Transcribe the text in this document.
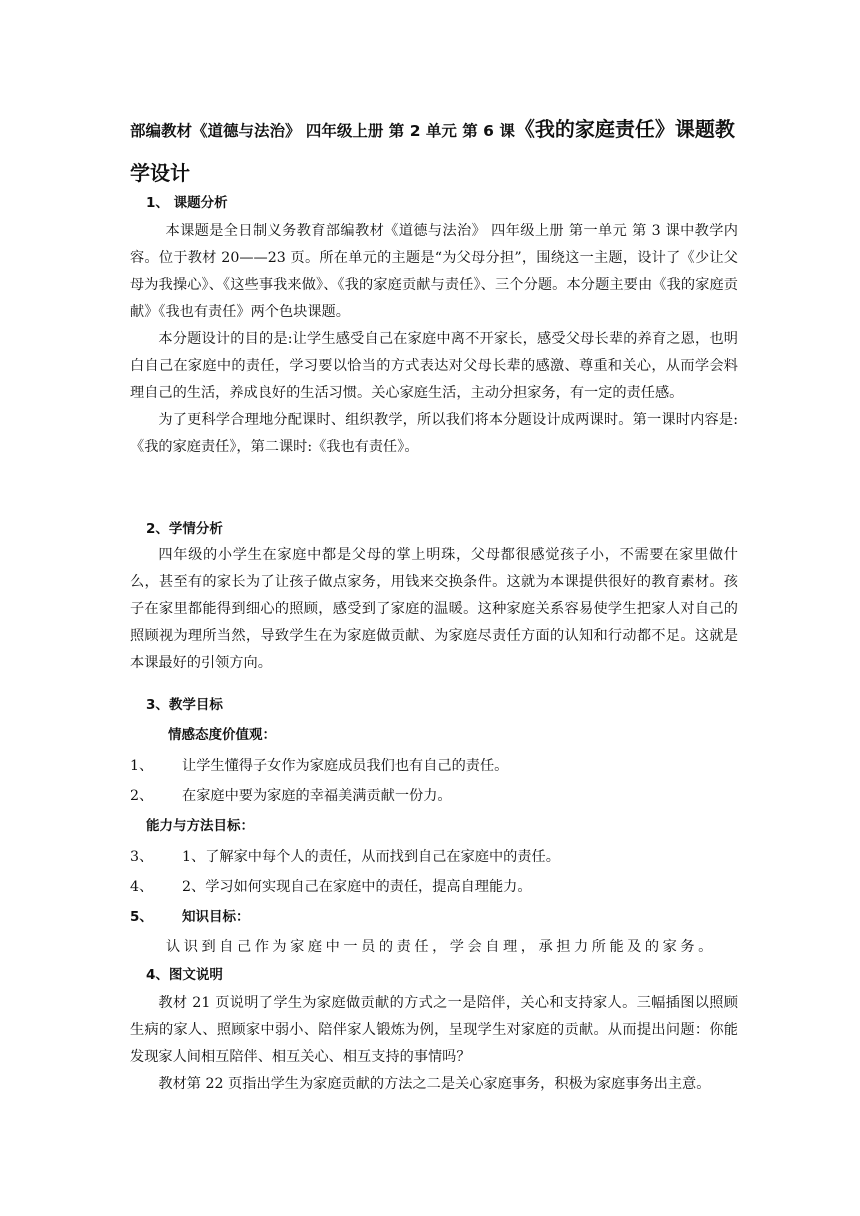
部编教材《道德与法治》 四年级上册 第 2 单元 第 6 课《我的家庭责任》课题教
学设计
1、 课题分析

本课题是全日制义务教育部编教材《道德与法治》 四年级上册 第一单元 第 3 课中教学内容。位于教材 20——23 页。所在单元的主题是“为父母分担”，围绕这一主题，设计了《少让父母为我操心》、《这些事我来做》、《我的家庭贡献与责任》、三个分题。本分题主要由《我的家庭贡献》《我也有责任》两个色块课题。

本分题设计的目的是:让学生感受自己在家庭中离不开家长，感受父母长辈的养育之恩，也明白自己在家庭中的责任，学习要以恰当的方式表达对父母长辈的感激、尊重和关心，从而学会料理自己的生活，养成良好的生活习惯。关心家庭生活，主动分担家务，有一定的责任感。

为了更科学合理地分配课时、组织教学，所以我们将本分题设计成两课时。第一课时内容是:《我的家庭责任》，第二课时:《我也有责任》。

2、学情分析

四年级的小学生在家庭中都是父母的掌上明珠，父母都很感觉孩子小，不需要在家里做什么，甚至有的家长为了让孩子做点家务，用钱来交换条件。这就为本课提供很好的教育素材。孩子在家里都能得到细心的照顾，感受到了家庭的温暖。这种家庭关系容易使学生把家人对自己的照顾视为理所当然，导致学生在为家庭做贡献、为家庭尽责任方面的认知和行动都不足。这就是本课最好的引领方向。

3、教学目标
情感态度价值观：
1、 让学生懂得子女作为家庭成员我们也有自己的责任。
2、 在家庭中要为家庭的幸福美满贡献一份力。
能力与方法目标：
3、 1、了解家中每个人的责任，从而找到自己在家庭中的责任。
4、 2、学习如何实现自己在家庭中的责任，提高自理能力。
5、 知识目标：
认识到自己作为家庭中一员的责任，学会自理，承担力所能及的家务。
4、图文说明

教材 21 页说明了学生为家庭做贡献的方式之一是陪伴，关心和支持家人。三幅插图以照顾生病的家人、照顾家中弱小、陪伴家人锻炼为例，呈现学生对家庭的贡献。从而提出问题：你能发现家人间相互陪伴、相互关心、相互支持的事情吗？

教材第 22 页指出学生为家庭贡献的方法之二是关心家庭事务，积极为家庭事务出主意。
